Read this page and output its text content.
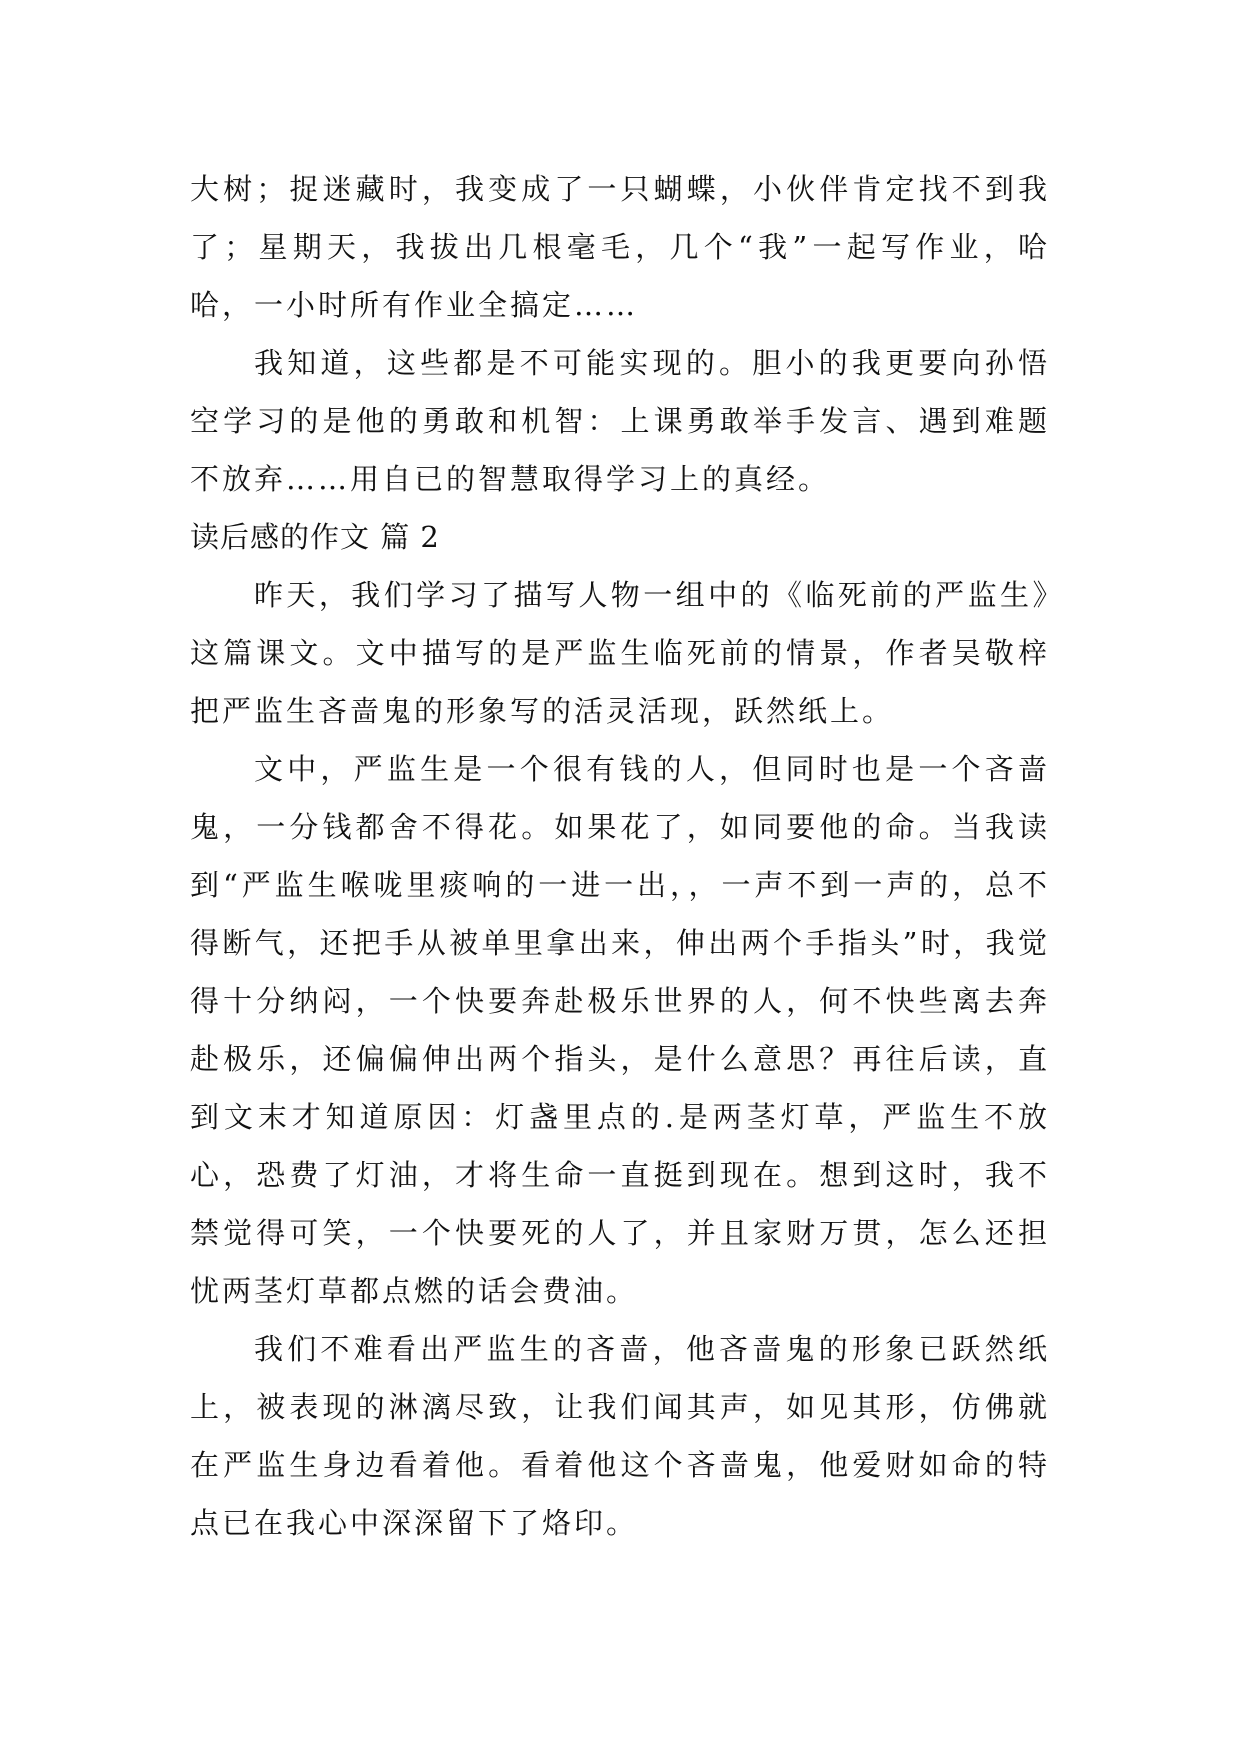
大树；捉迷藏时，我变成了一只蝴蝶，小伙伴肯定找不到我了；星期天，我拔出几根毫毛，几个“我”一起写作业，哈哈，一小时所有作业全搞定……

我知道，这些都是不可能实现的。胆小的我更要向孙悟空学习的是他的勇敢和机智：上课勇敢举手发言、遇到难题不放弃……用自已的智慧取得学习上的真经。

读后感的作文 篇 2

昨天，我们学习了描写人物一组中的《临死前的严监生》这篇课文。文中描写的是严监生临死前的情景，作者吴敬梓把严监生吝啬鬼的形象写的活灵活现，跃然纸上。

文中，严监生是一个很有钱的人，但同时也是一个吝啬鬼，一分钱都舍不得花。如果花了，如同要他的命。当我读到“严监生喉咙里痰响的一进一出，，一声不到一声的，总不得断气，还把手从被单里拿出来，伸出两个手指头”时，我觉得十分纳闷，一个快要奔赴极乐世界的人，何不快些离去奔赴极乐，还偏偏伸出两个指头，是什么意思？再往后读，直到文末才知道原因：灯盏里点的.是两茎灯草，严监生不放心，恐费了灯油，才将生命一直挺到现在。想到这时，我不禁觉得可笑，一个快要死的人了，并且家财万贯，怎么还担忧两茎灯草都点燃的话会费油。

我们不难看出严监生的吝啬，他吝啬鬼的形象已跃然纸上，被表现的淋漓尽致，让我们闻其声，如见其形，仿佛就在严监生身边看着他。看着他这个吝啬鬼，他爱财如命的特点已在我心中深深留下了烙印。
